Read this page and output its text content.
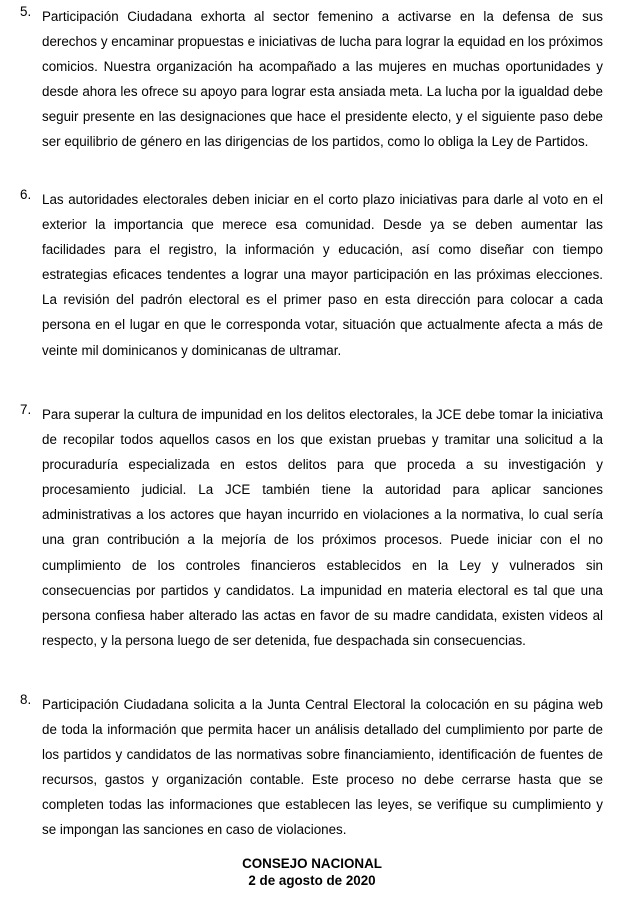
5. Participación Ciudadana exhorta al sector femenino a activarse en la defensa de sus derechos y encaminar propuestas e iniciativas de lucha para lograr la equidad en los próximos comicios. Nuestra organización ha acompañado a las mujeres en muchas oportunidades y desde ahora les ofrece su apoyo para lograr esta ansiada meta. La lucha por la igualdad debe seguir presente en las designaciones que hace el presidente electo, y el siguiente paso debe ser equilibrio de género en las dirigencias de los partidos, como lo obliga la Ley de Partidos.
6. Las autoridades electorales deben iniciar en el corto plazo iniciativas para darle al voto en el exterior la importancia que merece esa comunidad. Desde ya se deben aumentar las facilidades para el registro, la información y educación, así como diseñar con tiempo estrategias eficaces tendentes a lograr una mayor participación en las próximas elecciones. La revisión del padrón electoral es el primer paso en esta dirección para colocar a cada persona en el lugar en que le corresponda votar, situación que actualmente afecta a más de veinte mil dominicanos y dominicanas de ultramar.
7. Para superar la cultura de impunidad en los delitos electorales, la JCE debe tomar la iniciativa de recopilar todos aquellos casos en los que existan pruebas y tramitar una solicitud a la procuraduría especializada en estos delitos para que proceda a su investigación y procesamiento judicial. La JCE también tiene la autoridad para aplicar sanciones administrativas a los actores que hayan incurrido en violaciones a la normativa, lo cual sería una gran contribución a la mejoría de los próximos procesos. Puede iniciar con el no cumplimiento de los controles financieros establecidos en la Ley y vulnerados sin consecuencias por partidos y candidatos. La impunidad en materia electoral es tal que una persona confiesa haber alterado las actas en favor de su madre candidata, existen videos al respecto, y la persona luego de ser detenida, fue despachada sin consecuencias.
8. Participación Ciudadana solicita a la Junta Central Electoral la colocación en su página web de toda la información que permita hacer un análisis detallado del cumplimiento por parte de los partidos y candidatos de las normativas sobre financiamiento, identificación de fuentes de recursos, gastos y organización contable. Este proceso no debe cerrarse hasta que se completen todas las informaciones que establecen las leyes, se verifique su cumplimiento y se impongan las sanciones en caso de violaciones.
CONSEJO NACIONAL
2 de agosto de 2020
